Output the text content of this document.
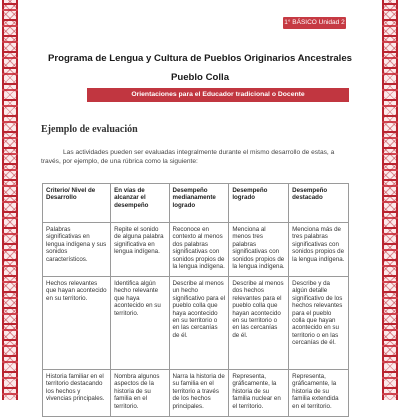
1° BÁSICO Unidad 2
Programa de Lengua y Cultura de Pueblos Originarios Ancestrales
Pueblo Colla
Orientaciones para el Educador tradicional o Docente
Ejemplo de evaluación
Las actividades pueden ser evaluadas integralmente durante el mismo desarrollo de estas, a través, por ejemplo, de una rúbrica como la siguiente:
Criterio/ Nivel de Desarrollo	En vías de alcanzar el desempeño	Desempeño medianamente logrado	Desempeño logrado	Desempeño destacado
Palabras significativas en lengua indígena y sus sonidos característicos.	Repite el sonido de alguna palabra significativa en lengua indígena.	Reconoce en contexto al menos dos palabras significativas con sonidos propios de la lengua indígena.	Menciona al menos tres palabras significativas con sonidos propios de la lengua indígena.	Menciona más de tres palabras significativas con sonidos propios de la lengua indígena.
Hechos relevantes que hayan acontecido en su territorio.	Identifica algún hecho relevante que haya acontecido en su territorio.	Describe al menos un hecho significativo para el pueblo colla que haya acontecido en su territorio o en las cercanías de él.	Describe al menos dos hechos relevantes para el pueblo colla que hayan acontecido en su territorio o en las cercanías de él.	Describe y da algún detalle significativo de los hechos relevantes para el pueblo colla que hayan acontecido en su territorio o en las cercanías de él.
Historia familiar en el territorio destacando los hechos y vivencias principales.	Nombra algunos aspectos de la historia de su familia en el territorio.	Narra la historia de su familia en el territorio a través de los hechos principales.	Representa, gráficamente, la historia de su familia nuclear en el territorio.	Representa, gráficamente, la historia de su familia extendida en el territorio.
